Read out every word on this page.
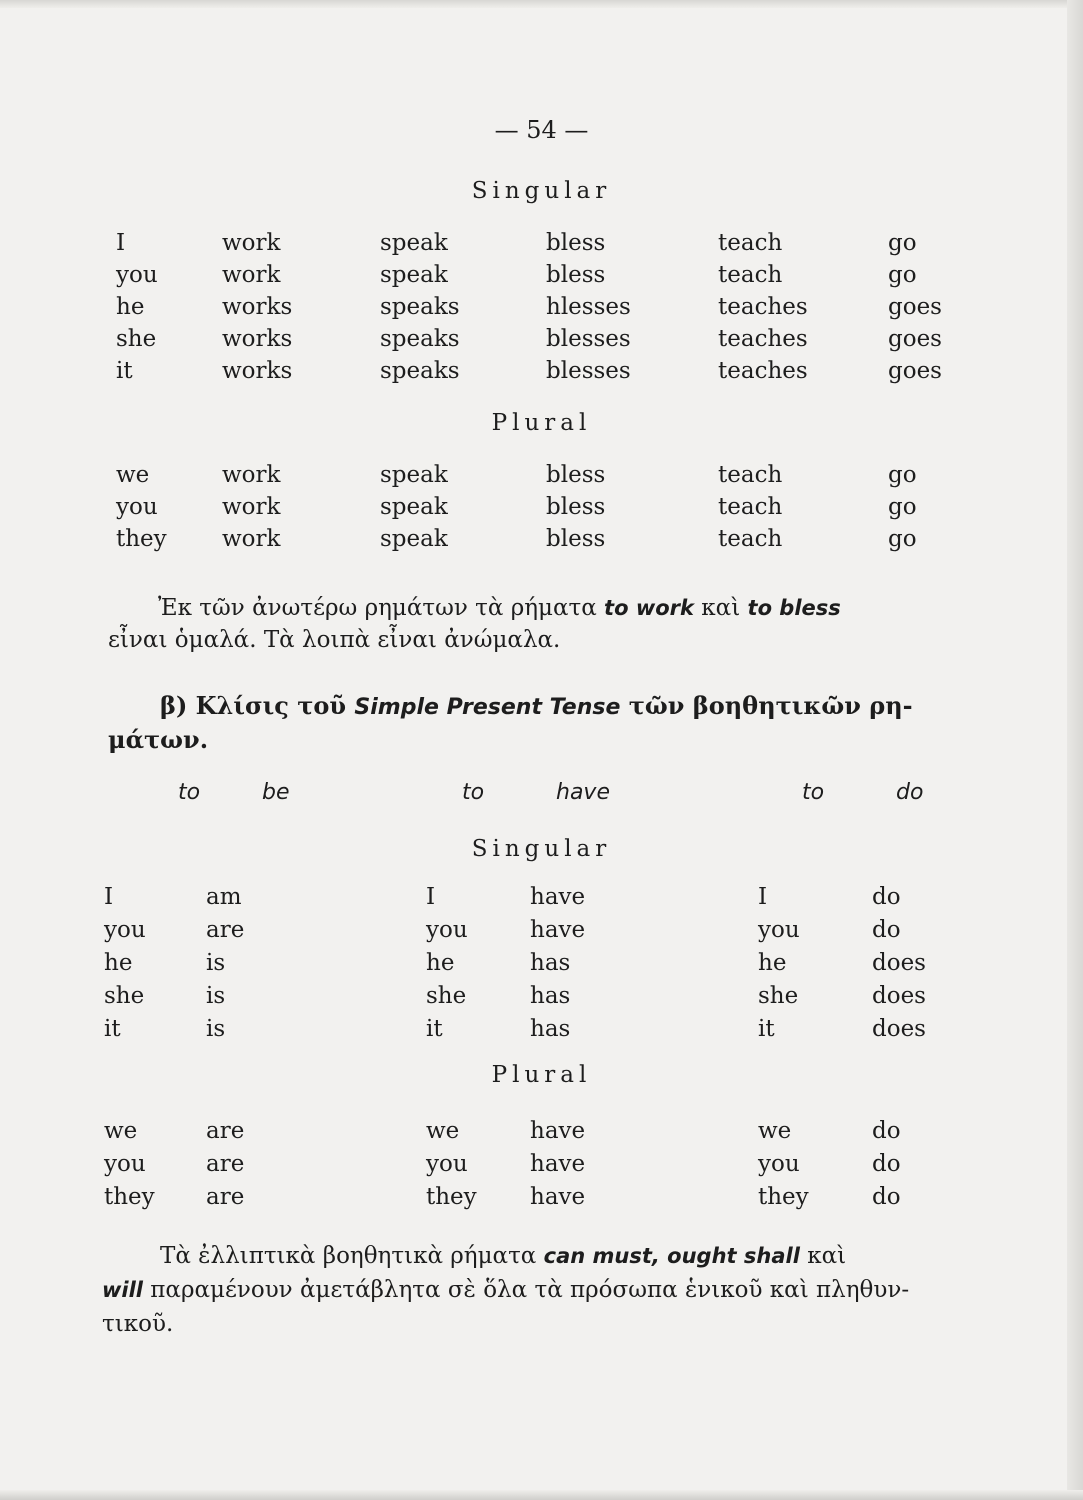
— 54 —
Singular
I	work	speak	bless	teach	go
you	work	speak	bless	teach	go
he	works	speaks	hlesses	teaches	goes
she	works	speaks	blesses	teaches	goes
it	works	speaks	blesses	teaches	goes
Plural
we	work	speak	bless	teach	go
you	work	speak	bless	teach	go
they work	speak	bless	teach	go
Ἐκ τῶν ἀνωτέρω ρημάτων τὰ ρήματα to work καὶ to bless
εἶναι ὁμαλά. Τὰ λοιπὰ εἶναι ἀνώμαλα.
β) Κλίσις τοῦ Simple Present Tense τῶν βοηθητικῶν ρη-
μάτων.
to	be	to	have	to	do
Singular
I	am	I	have	I	do
you	are	you	have	you	do
he	is	he	has	he	does
she	is	she	has	she	does
it	is	it	has	it	does
Plural
we	are	we	have	we	do
you	are	you	have	you	do
they are	they have	they	do
Τὰ ἐλλιπτικὰ βοηθητικὰ ρήματα can must, ought shall καὶ
will παραμένουν ἀμετάβλητα σὲ ὅλα τὰ πρόσωπα ἑνικοῦ καὶ πληθυν-
τικοῦ.
